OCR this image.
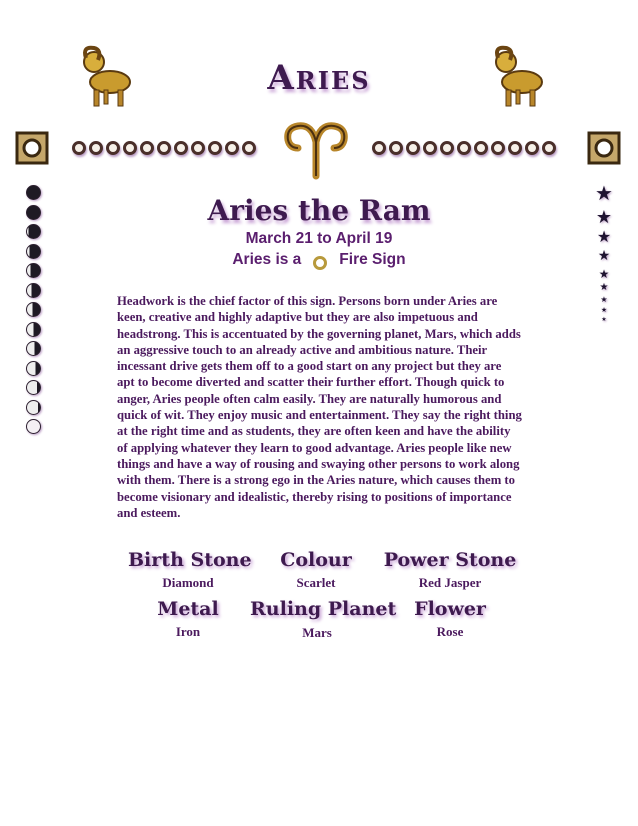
Aries
★
★
★
★
★
★
★
★
★
Aries the Ram
March 21 to April 19
Aries is a Fire Sign
Headwork is the chief factor of this sign. Persons born under Aries are keen, creative and highly adaptive but they are also impetuous and headstrong. This is accentuated by the governing planet, Mars, which adds an aggressive touch to an already active and ambitious nature. Their incessant drive gets them off to a good start on any project but they are apt to become diverted and scatter their further effort. Though quick to anger, Aries people often calm easily. They are naturally humorous and quick of wit. They enjoy music and entertainment. They say the right thing at the right time and as students, they are often keen and have the ability of applying whatever they learn to good advantage. Aries people like new things and have a way of rousing and swaying other persons to work along with them. There is a strong ego in the Aries nature, which causes them to become visionary and idealistic, thereby rising to positions of importance and esteem.
Birth Stone
Diamond
Colour
Scarlet
Power Stone
Red Jasper
Metal
Iron
Ruling Planet
Mars
Flower
Rose
